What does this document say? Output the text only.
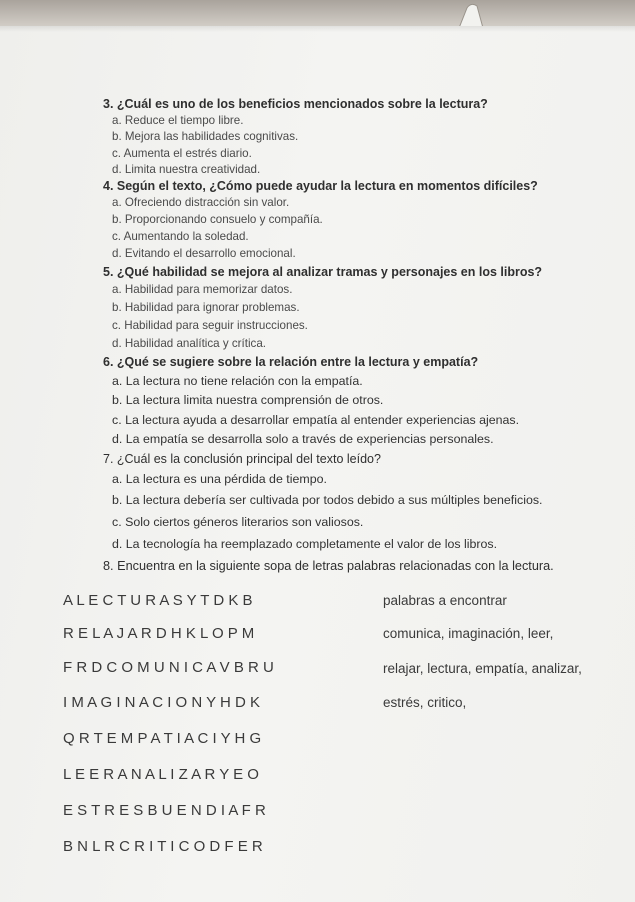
3. ¿Cuál es uno de los beneficios mencionados sobre la lectura?
a. Reduce el tiempo libre.
b. Mejora las habilidades cognitivas.
c. Aumenta el estrés diario.
d. Limita nuestra creatividad.
4. Según el texto, ¿Cómo puede ayudar la lectura en momentos difíciles?
a. Ofreciendo distracción sin valor.
b. Proporcionando consuelo y compañía.
c. Aumentando la soledad.
d. Evitando el desarrollo emocional.
5. ¿Qué habilidad se mejora al analizar tramas y personajes en los libros?
a. Habilidad para memorizar datos.
b. Habilidad para ignorar problemas.
c. Habilidad para seguir instrucciones.
d. Habilidad analítica y crítica.
6. ¿Qué se sugiere sobre la relación entre la lectura y empatía?
a. La lectura no tiene relación con la empatía.
b. La lectura limita nuestra comprensión de otros.
c. La lectura ayuda a desarrollar empatía al entender experiencias ajenas.
d. La empatía se desarrolla solo a través de experiencias personales.
7. ¿Cuál es la conclusión principal del texto leído?
a. La lectura es una pérdida de tiempo.
b. La lectura debería ser cultivada por todos debido a sus múltiples beneficios.
c. Solo ciertos géneros literarios son valiosos.
d. La tecnología ha reemplazado completamente el valor de los libros.
8. Encuentra en la siguiente sopa de letras palabras relacionadas con la lectura.
A L E C T U R A S Y T D K B
R E L A J A R D H K L O P M
F R D C O M U N I C A V B R U
I M A G I N A C I O N Y H D K
Q R T E M P A T I A C I Y H G
L E E R A N A L I Z A R Y E O
E S T R E S B U E N D I A F R
B N L R C R I T I C O D F E R
palabras a encontrar
comunica, imaginación, leer,
relajar, lectura, empatía, analizar,
estrés, critico,
